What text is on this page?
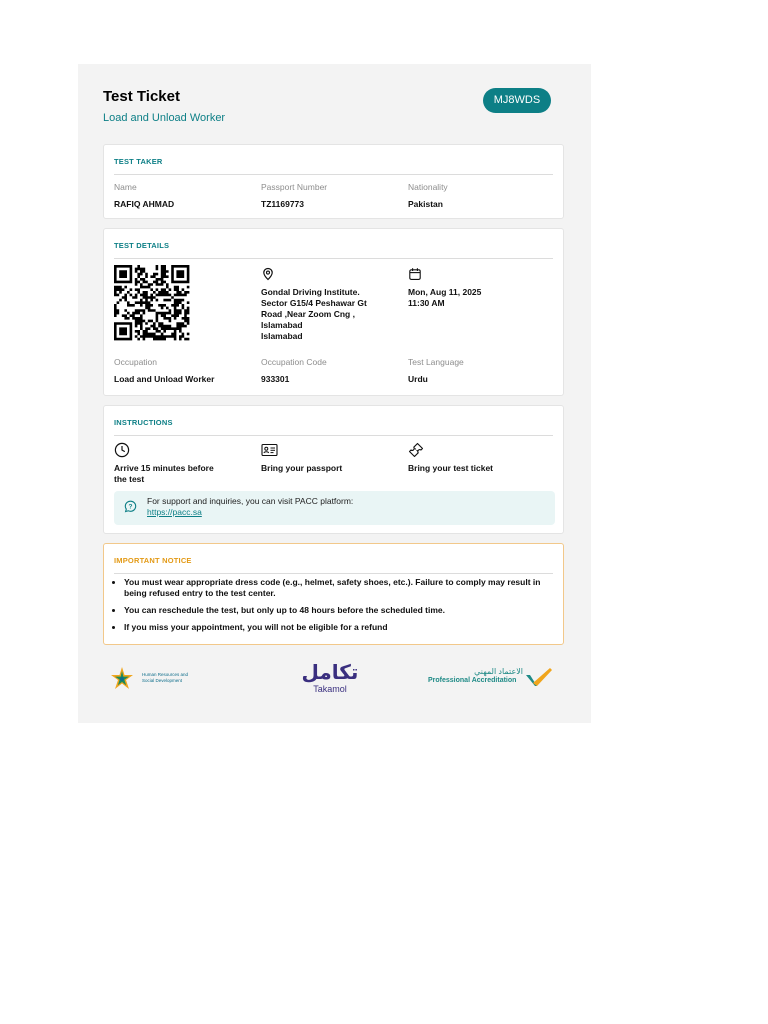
Test Ticket
Load and Unload Worker
MJ8WDS
TEST TAKER
Name
RAFIQ AHMAD
Passport Number
TZ1169773
Nationality
Pakistan
TEST DETAILS
Gondal Driving Institute.
Sector G15/4 Peshawar Gt
Road ,Near Zoom Cng ,
Islamabad
Islamabad
Mon, Aug 11, 2025
11:30 AM
Occupation
Load and Unload Worker
Occupation Code
933301
Test Language
Urdu
INSTRUCTIONS
Arrive 15 minutes before
the test
Bring your passport	Bring your test ticket
?
For support and inquiries, you can visit PACC platform:
https://pacc.sa
IMPORTANT NOTICE
• You must wear appropriate dress code (e.g., helmet, safety shoes, etc.). Failure to comply may result in being refused entry to the test center.
• You can reschedule the test, but only up to 48 hours before the scheduled time.
• If you miss your appointment, you will not be eligible for a refund
Human Resources and
Social Development	تكامل
Takamol
الاعتماد المهني
Professional Accreditation
